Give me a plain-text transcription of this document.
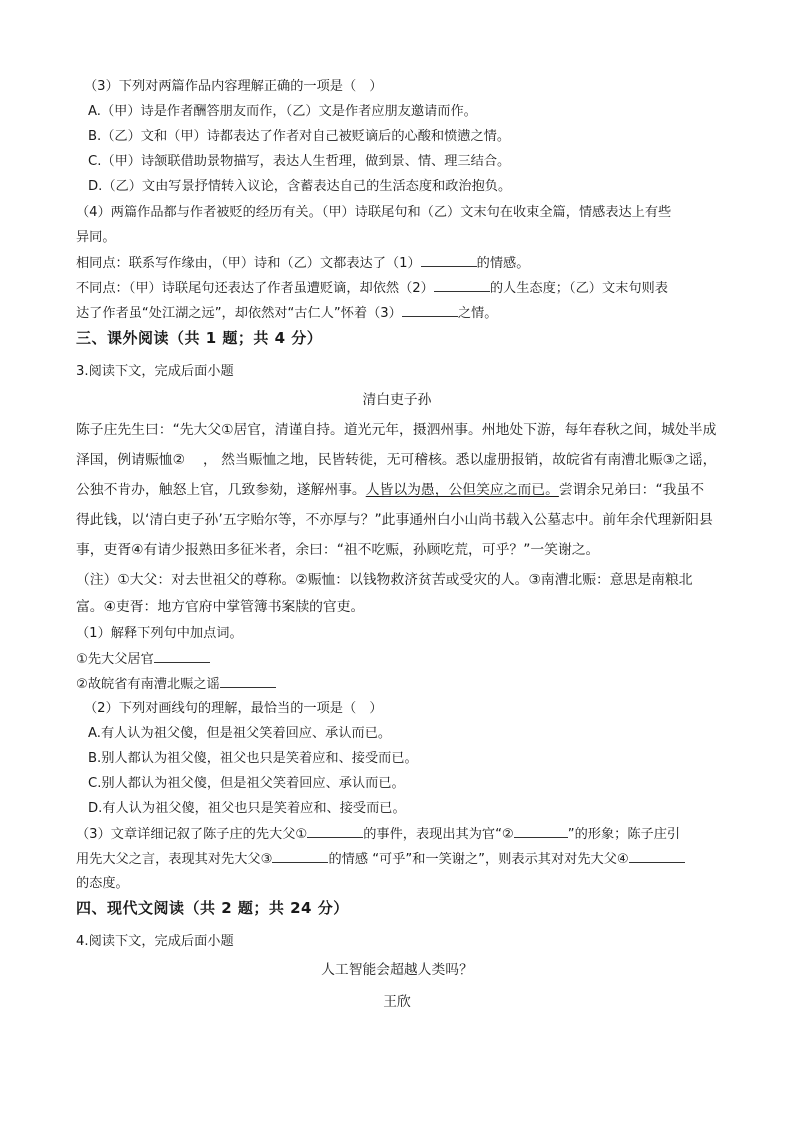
（3）下列对两篇作品内容理解正确的一项是（　）
A.（甲）诗是作者酬答朋友而作，（乙）文是作者应朋友邀请而作。
B.（乙）文和（甲）诗都表达了作者对自己被贬谪后的心酸和愤懑之情。
C.（甲）诗颔联借助景物描写，表达人生哲理，做到景、情、理三结合。
D.（乙）文由写景抒情转入议论，含蓄表达自己的生活态度和政治抱负。
（4）两篇作品都与作者被贬的经历有关。（甲）诗联尾句和（乙）文末句在收束全篇，情感表达上有些
异同。
相同点：联系写作缘由，（甲）诗和（乙）文都表达了（1）	的情感。
不同点：（甲）诗联尾句还表达了作者虽遭贬谪，却依然（2）	的人生态度；（乙）文末句则表
达了作者虽“处江湖之远”，却依然对“古仁人”怀着（3）	之情。
三、课外阅读（共 1 题；共 4 分）
3.阅读下文，完成后面小题
清白吏子孙
陈子庄先生曰：“先大父①居官，清谨自持。道光元年，摄泗州事。州地处下游，每年春秋之间，城处半成
泽国，例请赈恤② ， 然当赈恤之地，民皆转徙，无可稽核。悉以虚册报销，故皖省有南漕北赈③之谣，
公独不肯办，触怒上官，几致参劾，遂解州事。人皆以为愚，公但笑应之而已。尝谓余兄弟曰：“我虽不
得此钱，以‘清白吏子孙’五字贻尔等，不亦厚与？”此事通州白小山尚书载入公墓志中。前年余代理新阳县
事，吏胥④有请少报熟田多征米者，余曰：“祖不吃赈，孙顾吃荒，可乎？”一笑谢之。
（注）①大父：对去世祖父的尊称。②赈恤：以钱物救济贫苦或受灾的人。③南漕北赈：意思是南粮北
富。④吏胥：地方官府中掌管簿书案牍的官吏。
（1）解释下列句中加点词。
①先大父居官
②故皖省有南漕北赈之谣
（2）下列对画线句的理解，最恰当的一项是（　）
A.有人认为祖父傻，但是祖父笑着回应、承认而已。
B.别人都认为祖父傻，祖父也只是笑着应和、接受而已。
C.别人都认为祖父傻，但是祖父笑着回应、承认而已。
D.有人认为祖父傻，祖父也只是笑着应和、接受而已。
（3）文章详细记叙了陈子庄的先大父①	的事件，表现出其为官“②	”的形象；陈子庄引
用先大父之言，表现其对先大父③	的情感 “可乎”和一笑谢之”，则表示其对对先大父④
的态度。
四、现代文阅读（共 2 题；共 24 分）
4.阅读下文，完成后面小题
人工智能会超越人类吗？
王欣
